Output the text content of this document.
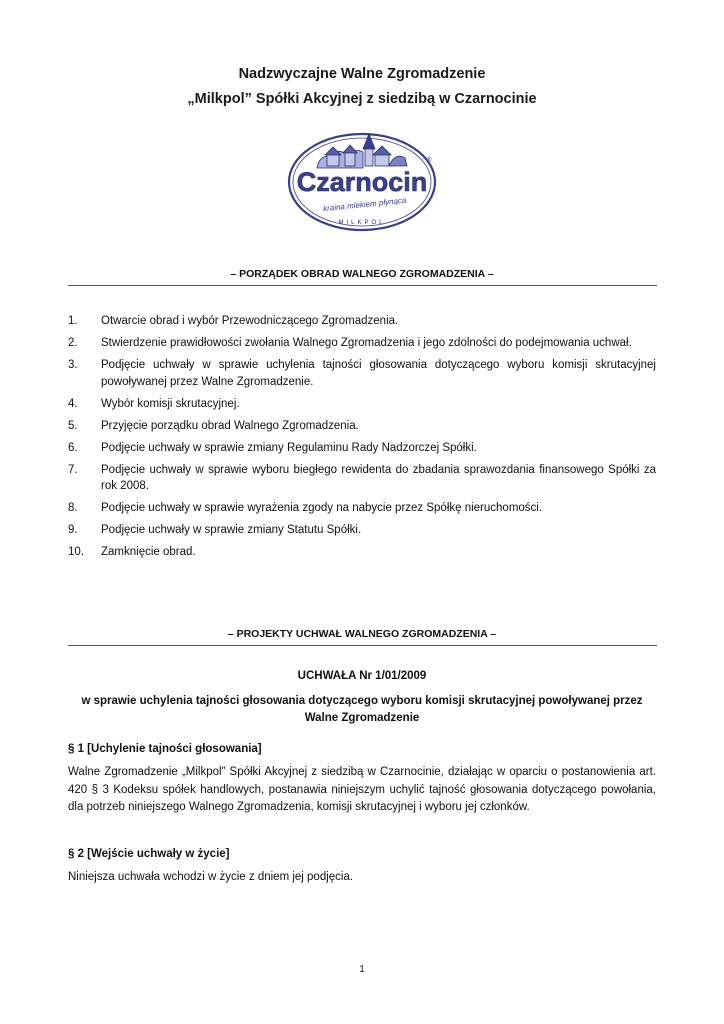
Nadzwyczajne Walne Zgromadzenie
„Milkpol” Spółki Akcyjnej z siedzibą w Czarnocinie
Czarnocin
®
kraina mlekiem płynąca
MILKPOL
– PORZĄDEK OBRAD WALNEGO ZGROMADZENIA –
1.	Otwarcie obrad i wybór Przewodniczącego Zgromadzenia.
2.	Stwierdzenie prawidłowości zwołania Walnego Zgromadzenia i jego zdolności do podejmowania uchwał.
3.	Podjęcie uchwały w sprawie uchylenia tajności głosowania dotyczącego wyboru komisji skrutacyjnej powoływanej przez Walne Zgromadzenie.
4.	Wybór komisji skrutacyjnej.
5.	Przyjęcie porządku obrad Walnego Zgromadzenia.
6.	Podjęcie uchwały w sprawie zmiany Regulaminu Rady Nadzorczej Spółki.
7.	Podjęcie uchwały w sprawie wyboru biegłego rewidenta do zbadania sprawozdania finansowego Spółki za rok 2008.
8.	Podjęcie uchwały w sprawie wyrażenia zgody na nabycie przez Spółkę nieruchomości.
9.	Podjęcie uchwały w sprawie zmiany Statutu Spółki.
10.	Zamknięcie obrad.
– PROJEKTY UCHWAŁ WALNEGO ZGROMADZENIA –
UCHWAŁA Nr 1/01/2009
w sprawie uchylenia tajności głosowania dotyczącego wyboru komisji skrutacyjnej powoływanej przez Walne Zgromadzenie
§ 1 [Uchylenie tajności głosowania]
Walne Zgromadzenie „Milkpol” Spółki Akcyjnej z siedzibą w Czarnocinie, działając w oparciu o postanowienia art. 420 § 3 Kodeksu spółek handlowych, postanawia niniejszym uchylić tajność głosowania dotyczącego powołania, dla potrzeb niniejszego Walnego Zgromadzenia, komisji skrutacyjnej i wyboru jej członków.
§ 2 [Wejście uchwały w życie]
Niniejsza uchwała wchodzi w życie z dniem jej podjęcia.
1
